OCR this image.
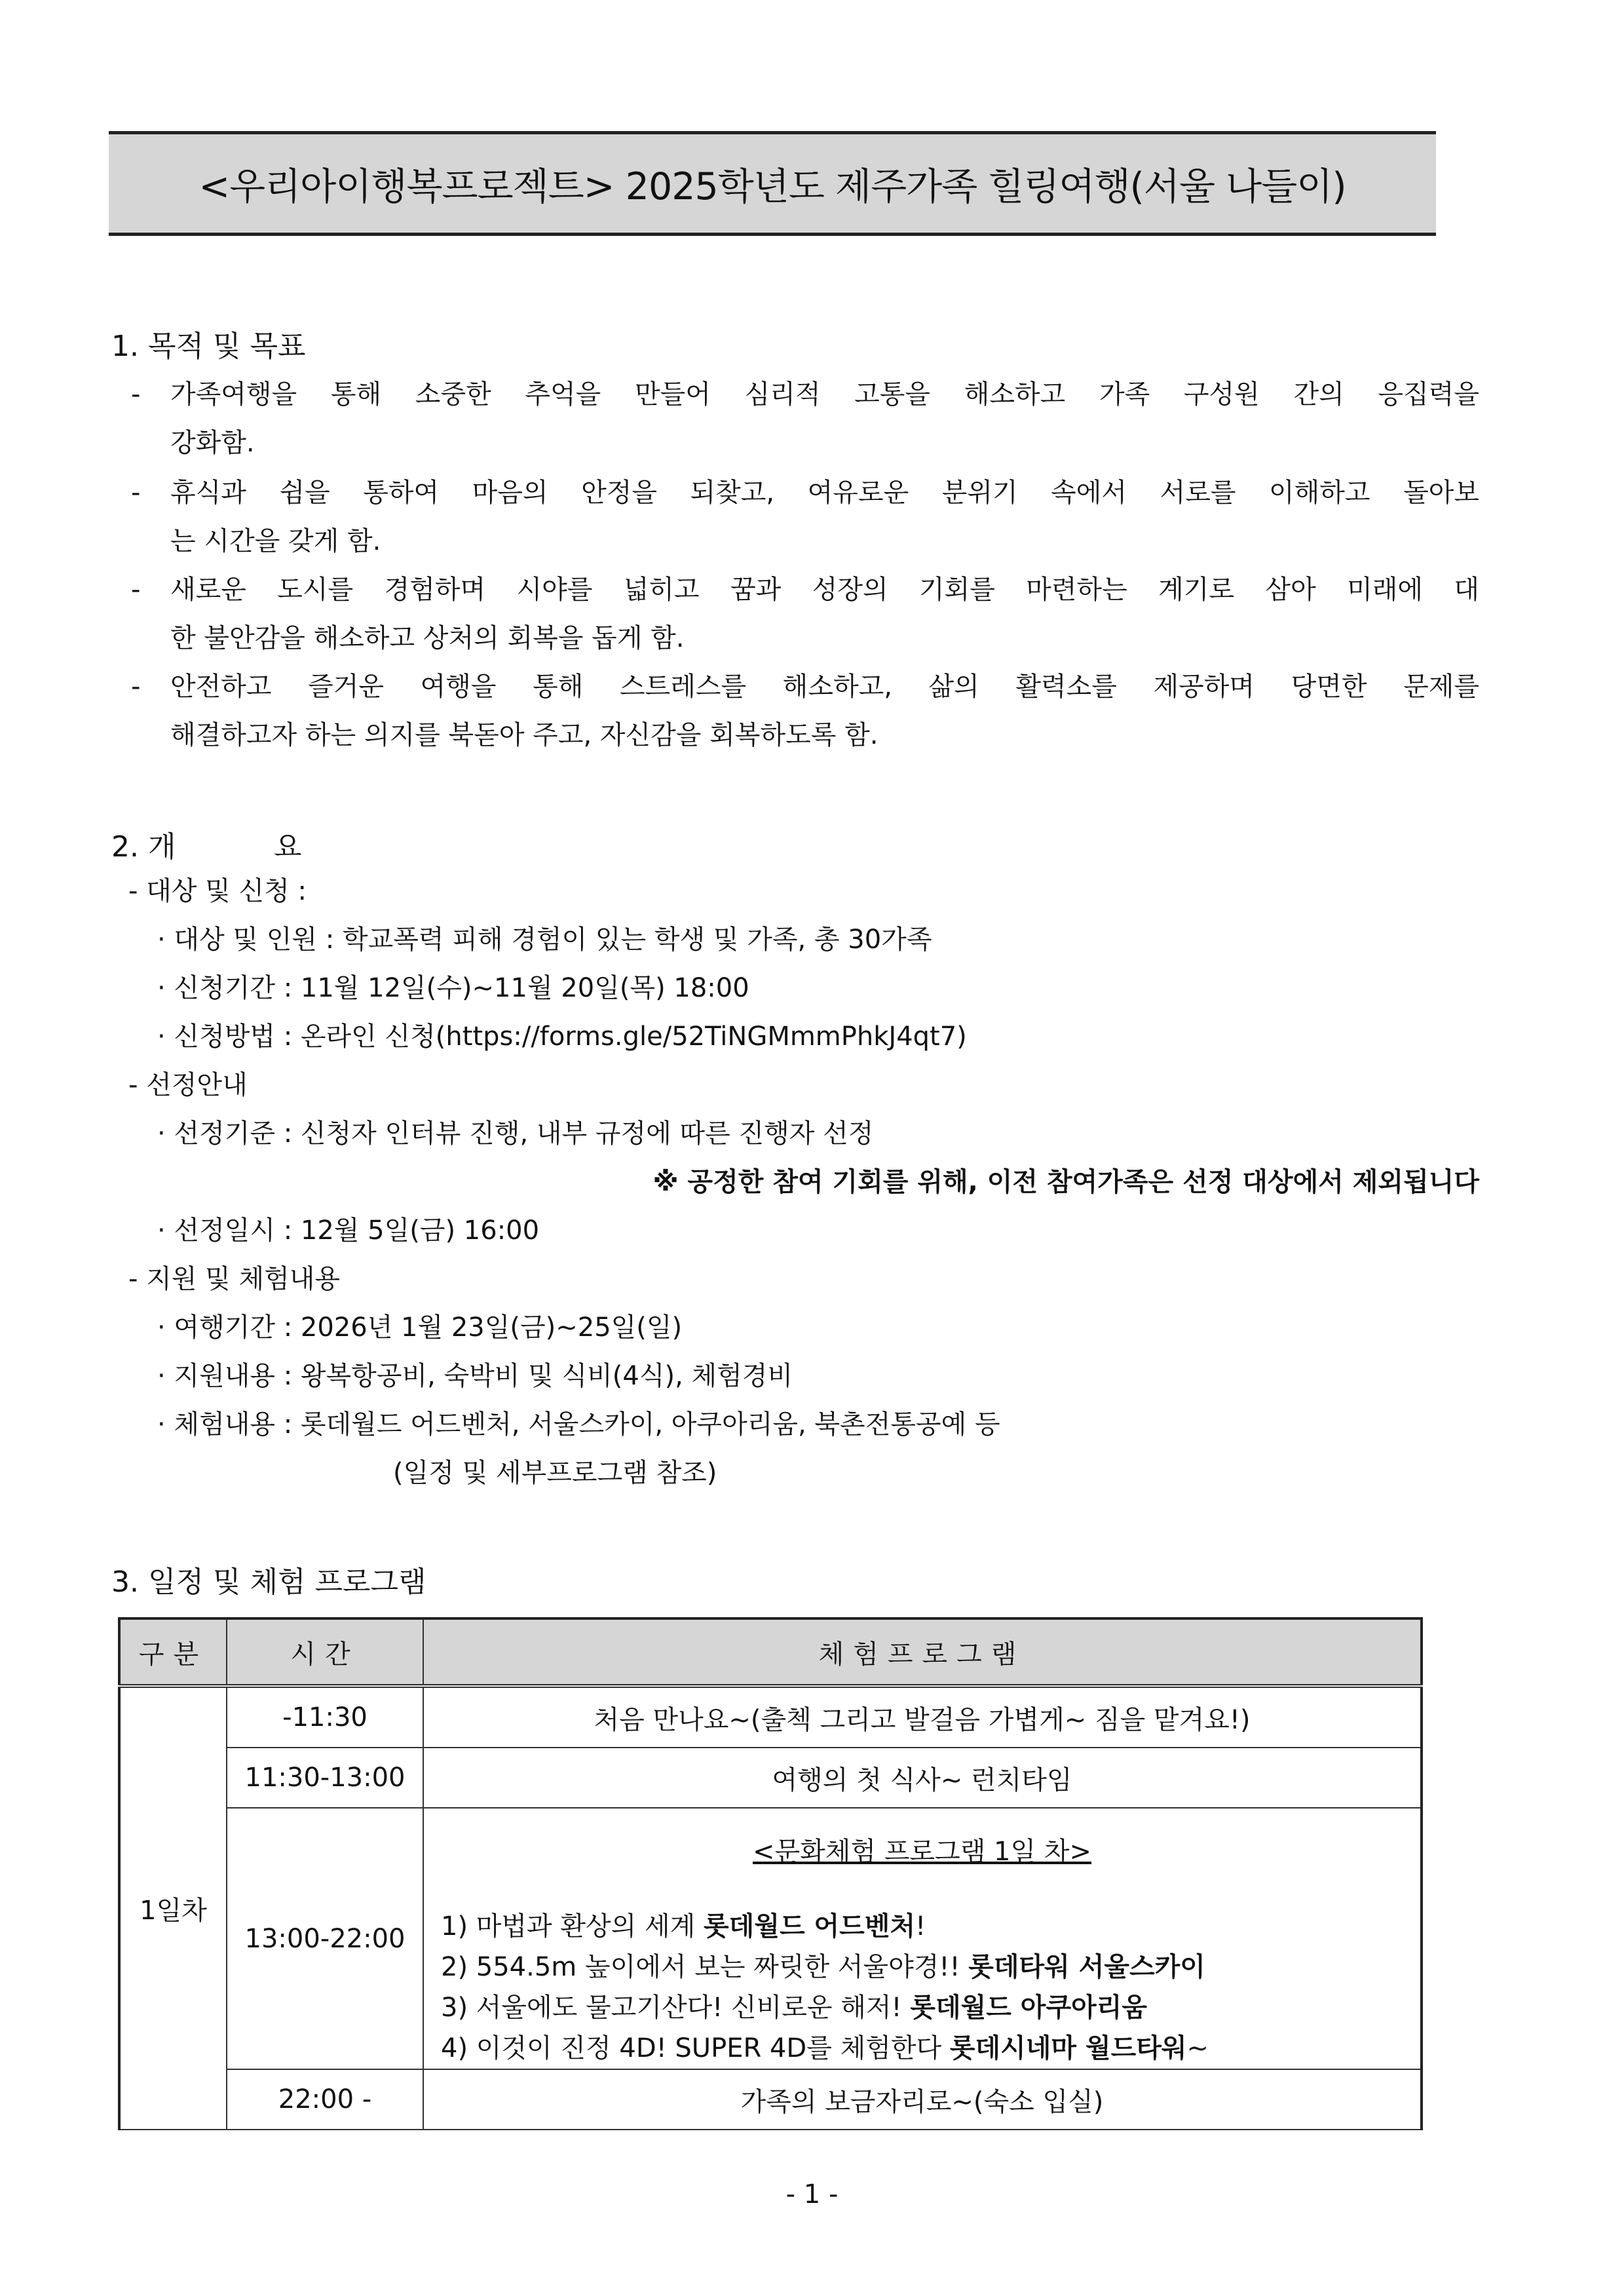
<우리아이행복프로젝트> 2025학년도 제주가족 힐링여행(서울 나들이)
1. 목적 및 목표
- 가족여행을 통해 소중한 추억을 만들어 심리적 고통을 해소하고 가족 구성원 간의 응집력을
강화함.
- 휴식과 쉼을 통하여 마음의 안정을 되찾고, 여유로운 분위기 속에서 서로를 이해하고 돌아보
는 시간을 갖게 함.
- 새로운 도시를 경험하며 시야를 넓히고 꿈과 성장의 기회를 마련하는 계기로 삼아 미래에 대
한 불안감을 해소하고 상처의 회복을 돕게 함.
- 안전하고 즐거운 여행을 통해 스트레스를 해소하고, 삶의 활력소를 제공하며 당면한 문제를
해결하고자 하는 의지를 북돋아 주고, 자신감을 회복하도록 함.
2. 개	요
- 대상 및 신청 :
· 대상 및 인원 : 학교폭력 피해 경험이 있는 학생 및 가족, 총 30가족
· 신청기간 : 11월 12일(수)~11월 20일(목) 18:00
· 신청방법 : 온라인 신청(https://forms.gle/52TiNGMmmPhkJ4qt7)
- 선정안내
· 선정기준 : 신청자 인터뷰 진행, 내부 규정에 따른 진행자 선정
※ 공정한 참여 기회를 위해, 이전 참여가족은 선정 대상에서 제외됩니다
· 선정일시 : 12월 5일(금) 16:00
- 지원 및 체험내용
· 여행기간 : 2026년 1월 23일(금)~25일(일)
· 지원내용 : 왕복항공비, 숙박비 및 식비(4식), 체험경비
· 체험내용 : 롯데월드 어드벤처, 서울스카이, 아쿠아리움, 북촌전통공예 등
(일정 및 세부프로그램 참조)
3. 일정 및 체험 프로그램
구분	시간	체험프로그램
1일차	-11:30	처음 만나요~(출첵 그리고 발걸음 가볍게~ 짐을 맡겨요!)
	11:30-13:00	여행의 첫 식사~ 런치타임
	13:00-22:00	<문화체험 프로그램 1일 차>
1) 마법과 환상의 세계 롯데월드 어드벤처!
2) 554.5m 높이에서 보는 짜릿한 서울야경!! 롯데타워 서울스카이
3) 서울에도 물고기산다! 신비로운 해저! 롯데월드 아쿠아리움
4) 이것이 진정 4D! SUPER 4D를 체험한다 롯데시네마 월드타워~

	22:00 -	가족의 보금자리로~(숙소 입실)
- 1 -
